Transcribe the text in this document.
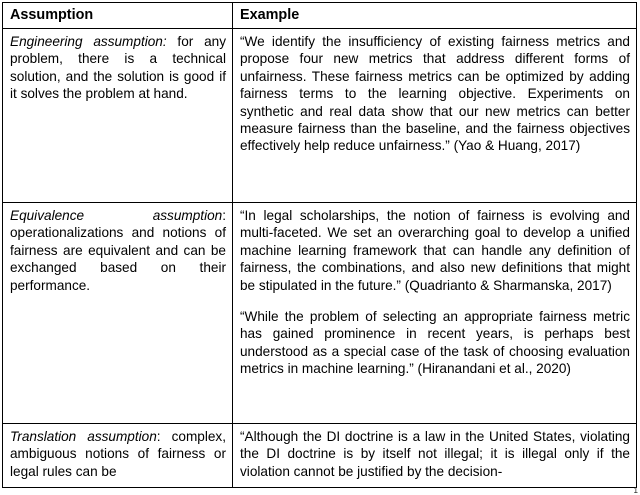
Assumption	Example
Engineering assumption: for any problem, there is a technical solution, and the solution is good if it solves the problem at hand.	“We identify the insufficiency of existing fairness metrics and propose four new metrics that address different forms of unfairness. These fairness metrics can be optimized by adding fairness terms to the learning objective. Experiments on synthetic and real data show that our new metrics can better measure fairness than the baseline, and the fairness objectives effectively help reduce unfairness.” (Yao & Huang, 2017)

Equivalence assumption: operationalizations and notions of fairness are equivalent and can be exchanged based on their performance.	“In legal scholarships, the notion of fairness is evolving and multi-faceted. We set an overarching goal to develop a unified machine learning framework that can handle any definition of fairness, the combinations, and also new definitions that might be stipulated in the future.” (Quadrianto & Sharmanska, 2017)

“While the problem of selecting an appropriate fairness metric has gained prominence in recent years, is perhaps best understood as a special case of the task of choosing evaluation metrics in machine learning.” (Hiranandani et al., 2020)

Translation assumption: complex, ambiguous notions of fairness or legal rules can be	“Although the DI doctrine is a law in the United States, violating the DI doctrine is by itself not illegal; it is illegal only if the violation cannot be justified by the decision-

1
